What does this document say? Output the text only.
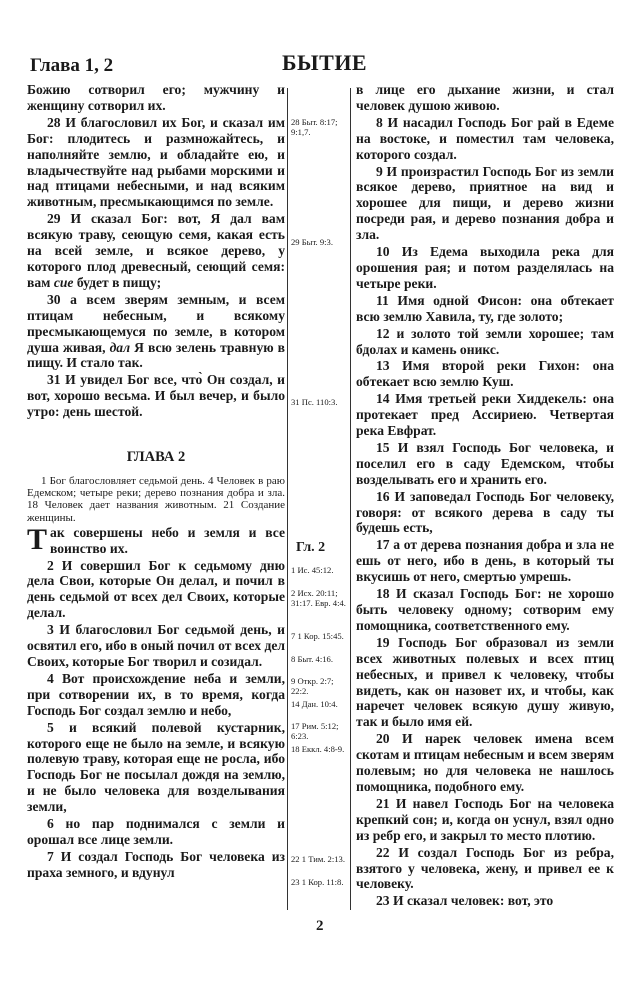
Глава 1, 2	БЫТИЕ

Божию сотворил его; мужчину и женщину сотворил их.

28 И благословил их Бог, и сказал им Бог: плодитесь и размножайтесь, и наполняйте землю, и обладайте ею, и владычествуйте над рыбами морскими и над птицами небесными, и над всяким животным, пресмыкающимся по земле.

29 И сказал Бог: вот, Я дал вам всякую траву, сеющую семя, какая есть на всей земле, и всякое дерево, у которого плод древесный, сеющий семя: вам сие будет в пищу;

30 а всем зверям земным, и всем птицам небесным, и всякому пресмыкающемуся по земле, в котором душа живая, дал Я всю зелень травную в пищу. И стало так.

31 И увидел Бог все, что̀ Он создал, и вот, хорошо весьма. И был вечер, и было утро: день шестой.

ГЛАВА 2

1 Бог благословляет седьмой день. 4 Человек в раю Едемском; четыре реки; дерево познания добра и зла. 18 Человек дает названия животным. 21 Создание женщины.

Так совершены небо и земля и все воинство их.

2 И совершил Бог к седьмому дню дела Свои, которые Он делал, и почил в день седьмой от всех дел Своих, которые делал.

3 И благословил Бог седьмой день, и освятил его, ибо в оный почил от всех дел Своих, которые Бог творил и созидал.

4 Вот происхождение неба и земли, при сотворении их, в то время, когда Господь Бог создал землю и небо,

5 и всякий полевой кустарник, которого еще не было на земле, и всякую полевую траву, которая еще не росла, ибо Господь Бог не посылал дождя на землю, и не было человека для возделывания земли,

6 но пар поднимался с земли и орошал все лице земли.

7 И создал Господь Бог человека из праха земного, и вдунул

28 Быт. 8:17; 9:1,7.
29 Быт. 9:3.
31 Пс. 110:3.
1 Ис. 45:12.
2 Исх. 20:11; 31:17. Евр. 4:4.
7 1 Кор. 15:45.
8 Быт. 4:16.
9 Откр. 2:7; 22:2.
14 Дан. 10:4.
17 Рим. 5:12; 6:23.
18 Еккл. 4:8-9.
22 1 Тим. 2:13.
23 1 Кор. 11:8.
Гл. 2

в лице его дыхание жизни, и стал человек душою живою.

8 И насадил Господь Бог рай в Едеме на востоке, и поместил там человека, которого создал.

9 И произрастил Господь Бог из земли всякое дерево, приятное на вид и хорошее для пищи, и дерево жизни посреди рая, и дерево познания добра и зла.

10 Из Едема выходила река для орошения рая; и потом разделялась на четыре реки.

11 Имя одной Фисон: она обтекает всю землю Хавила, ту, где золото;

12 и золото той земли хорошее; там бдолах и камень оникс.

13 Имя второй реки Гихон: она обтекает всю землю Куш.

14 Имя третьей реки Хиддекель: она протекает пред Ассириею. Четвертая река Евфрат.

15 И взял Господь Бог человека, и поселил его в саду Едемском, чтобы возделывать его и хранить его.

16 И заповедал Господь Бог человеку, говоря: от всякого дерева в саду ты будешь есть,

17 а от дерева познания добра и зла не ешь от него, ибо в день, в который ты вкусишь от него, смертью умрешь.

18 И сказал Господь Бог: не хорошо быть человеку одному; сотворим ему помощника, соответственного ему.

19 Господь Бог образовал из земли всех животных полевых и всех птиц небесных, и привел к человеку, чтобы видеть, как он назовет их, и чтобы, как наречет человек всякую душу живую, так и было имя ей.

20 И нарек человек имена всем скотам и птицам небесным и всем зверям полевым; но для человека не нашлось помощника, подобного ему.

21 И навел Господь Бог на человека крепкий сон; и, когда он уснул, взял одно из ребр его, и закрыл то место плотию.

22 И создал Господь Бог из ребра, взятого у человека, жену, и привел ее к человеку.

23 И сказал человек: вот, это

2
